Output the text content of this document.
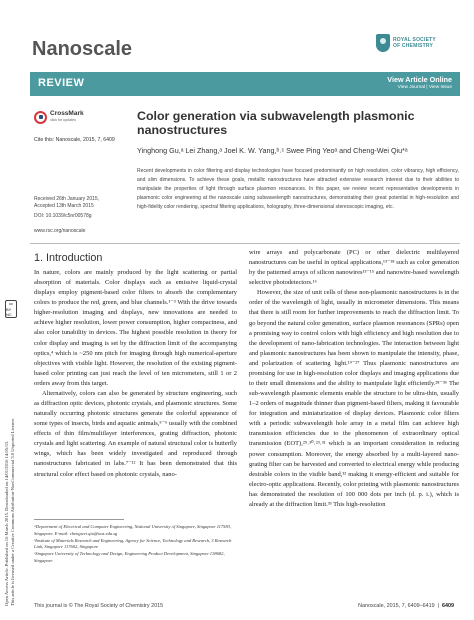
Open Access Article. Published on 16 March 2015. Downloaded on 14/01/2016 14:05:53. This article is licensed under a Creative Commons Attribution-NonCommercial 3.0 Unported Licence.
cc
BY NC
Nanoscale	ROYAL SOCIETY
OF CHEMISTRY
REVIEW	View Article Online
View Journal | View Issue
CrossMark
click for updates
Cite this: Nanoscale, 2015, 7, 6409
Received 26th January 2015,
Accepted 13th March 2015
DOI: 10.1039/c5nr00578g
www.rsc.org/nanoscale
Color generation via subwavelength plasmonic nanostructures
Yinghong Gu,ᵃ Lei Zhang,ᵃ Joel K. W. Yang,ᵇ˒ᶜ Swee Ping Yeoᵃ and Cheng-Wei Qiu*ᵃ
Recent developments in color filtering and display technologies have focused predominantly on high resolution, color vibrancy, high efficiency, and slim dimensions. To achieve these goals, metallic nanostructures have attracted extensive research interest due to their abilities to manipulate the properties of light through surface plasmon resonances. In this paper, we review recent representative developments in plasmonic color engineering at the nanoscale using subwavelength nanostructures, demonstrating their great potential in high-resolution and high-fidelity color rendering, spectral filtering applications, holography, three-dimensional stereoscopic imaging, etc.
1. Introduction

In nature, colors are mainly produced by the light scattering or partial absorption of materials. Color displays such as emissive liquid-crystal displays employ pigment-based color filters to absorb the complementary colors to produce the red, green, and blue channels.¹⁻³ With the drive towards higher-resolution imaging and displays, new innovations are needed to achieve higher resolution, lower power consumption, higher compactness, and also color tunability in devices. The highest possible resolution in theory for color display and imaging is set by the diffraction limit of the accompanying optics,⁴ which is ~250 nm pitch for imaging through high numerical-aperture objectives with visible light. However, the resolution of the existing pigment-based color printing can just reach the level of ten micrometers, still 1 or 2 orders away from this target.

Alternatively, colors can also be generated by structure engineering, such as diffraction optic devices, photonic crystals, and plasmonic structures. Some naturally occurring photonic structures generate the colorful appearance of some types of insects, birds and aquatic animals,⁵⁻⁶ usually with the combined effects of thin film/multilayer interferences, grating diffraction, photonic crystals and light scattering. An example of natural structural color is butterfly wings, which has been widely investigated and reproduced through nanostructures fabricated in labs.⁷⁻¹² It has been demonstrated that this structural color effect based on photonic crystals, nano-

wire arrays and polycarbonate (PC) or other dielectric multilayered nanostructures can be useful in optical applications,¹³⁻¹⁸ such as color generation by the patterned arrays of silicon nanowires¹³⁻¹⁵ and nanowire-based wavelength selective photodetectors.¹⁶

However, the size of unit cells of these non-plasmonic nanostructures is in the order of the wavelength of light, usually in micrometer dimensions. This means that there is still room for further improvements to reach the diffraction limit. To go beyond the natural color generation, surface plasmon resonances (SPRs) open a promising way to control colors with high efficiency and high resolution due to the development of nano-fabrication technologies. The interaction between light and plasmonic nanostructures has been shown to manipulate the intensity, phase, and polarization of scattering light.¹⁹⁻²⁷ Thus plasmonic nanostructures are promising for use in high-resolution color displays and imaging applications due to their small dimensions and the ability to manipulate light efficiently.²⁸⁻³⁶ The sub-wavelength plasmonic elements enable the structure to be ultra-thin, usually 1–2 orders of magnitude thinner than pigment-based filters, making it favourable for integration and miniaturization of display devices. Plasmonic color filters with a periodic subwavelength hole array in a metal film can achieve high transmission efficiencies due to the phenomenon of extraordinary optical transmission (EOT),²⁹˒³⁰˒²³˒³¹ which is an important consideration in reducing power consumption. Moreover, the energy absorbed by a multi-layered nano-grating filter can be harvested and converted to electrical energy while producing desirable colors in the visible band,³² making it energy-efficient and suitable for electro-optic applications. Recently, color printing with plasmonic nanostructures has demonstrated the resolution of 100 000 dots per inch (d. p. i.), which is already at the diffraction limit.³³ This high-resolution

ᵃDepartment of Electrical and Computer Engineering, National University of Singapore, Singapore 117583, Singapore. E-mail: chengwei.qiu@nus.edu.sg

ᵇInstitute of Materials Research and Engineering, Agency for Science, Technology and Research, 3 Research Link, Singapore 117602, Singapore

ᶜSingapore University of Technology and Design, Engineering Product Development, Singapore 138682, Singapore

This journal is © The Royal Society of Chemistry 2015	Nanoscale, 2015, 7, 6409–6419  |  6409
